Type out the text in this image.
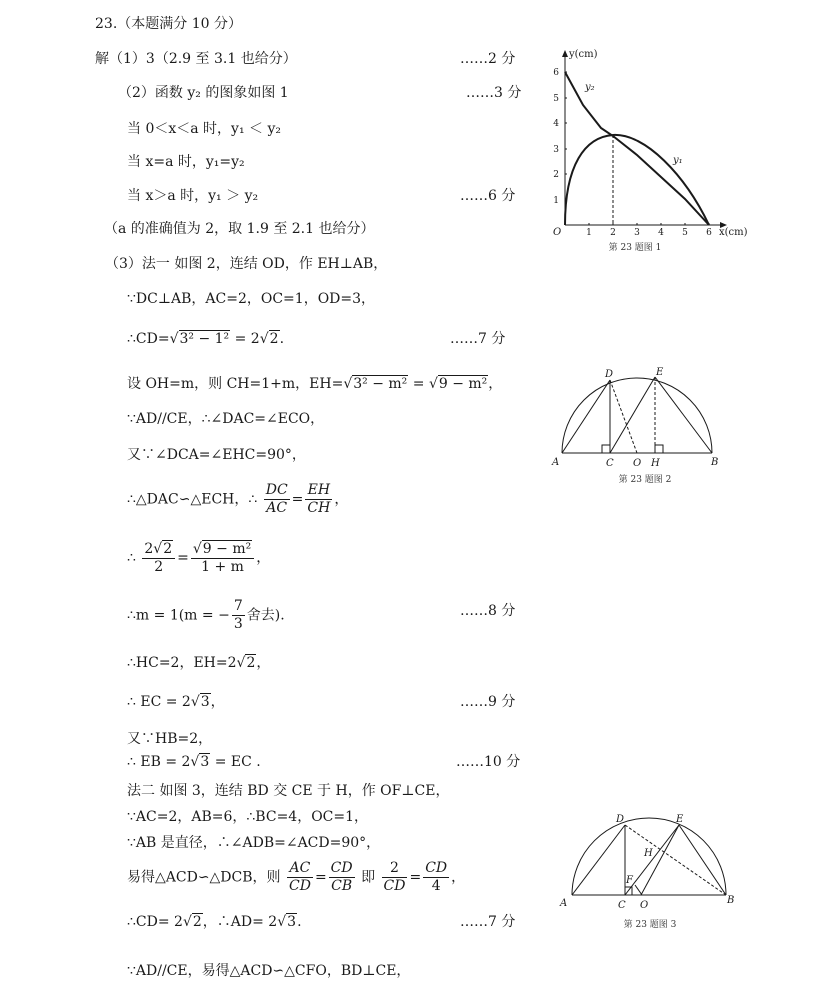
23.（本题满分 10 分）
解（1）3（2.9 至 3.1 也给分）
（2）函数 y₂ 的图象如图 1
当 0＜x＜a 时，y₁ ＜ y₂
当 x=a 时，y₁=y₂
当 x＞a 时，y₁ ＞ y₂
（a 的准确值为 2，取 1.9 至 2.1 也给分）
（3）法一 如图 2，连结 OD，作 EH⊥AB，
∵DC⊥AB，AC=2，OC=1，OD=3，
∴CD=√3² − 1² = 2√2.
设 OH=m，则 CH=1+m，EH=√3² − m² = √9 − m²，
∵AD//CE，∴∠DAC=∠ECO，
又∵∠DCA=∠EHC=90°，
∴△DAC∽△ECH，∴ $\frac{DC}{AC} = \frac{EH}{CH}$ ，
∴ $\frac{2√2}{2} = \frac{\text{√9 − m²}}{1 + m}$ ，
∴m = 1(m = − $\frac{7}{3}$ 舍去).
∴HC=2，EH=2√2，
∴ EC = 2√3，
又∵HB=2，
∴ EB = 2√3 = EC .
法二 如图 3，连结 BD 交 CE 于 H，作 OF⊥CE，
∵AC=2，AB=6，∴BC=4，OC=1，
∵AB 是直径，∴∠ADB=∠ACD=90°，
易得△ACD∽△DCB，则 $\frac{AC}{CD} = \frac{CD}{CB}$ 即 $\frac{2}{CD} = \frac{CD}{4}$ ，
∴CD= 2√2，∴AD= 2√3.
∵AD//CE，易得△ACD∽△CFO，BD⊥CE，
……2 分
……3 分
……6 分
……7 分
……8 分
……9 分
……10 分
……7 分
1 2 3 4 5 6
1
2
3
4
5
6
O
y(cm)
x(cm)
y₂
y₁
第 23 题图 1
A	C O H	B
D	E
第 23 题图 2
A	C O	B
D	E
H
F
第 23 题图 3
